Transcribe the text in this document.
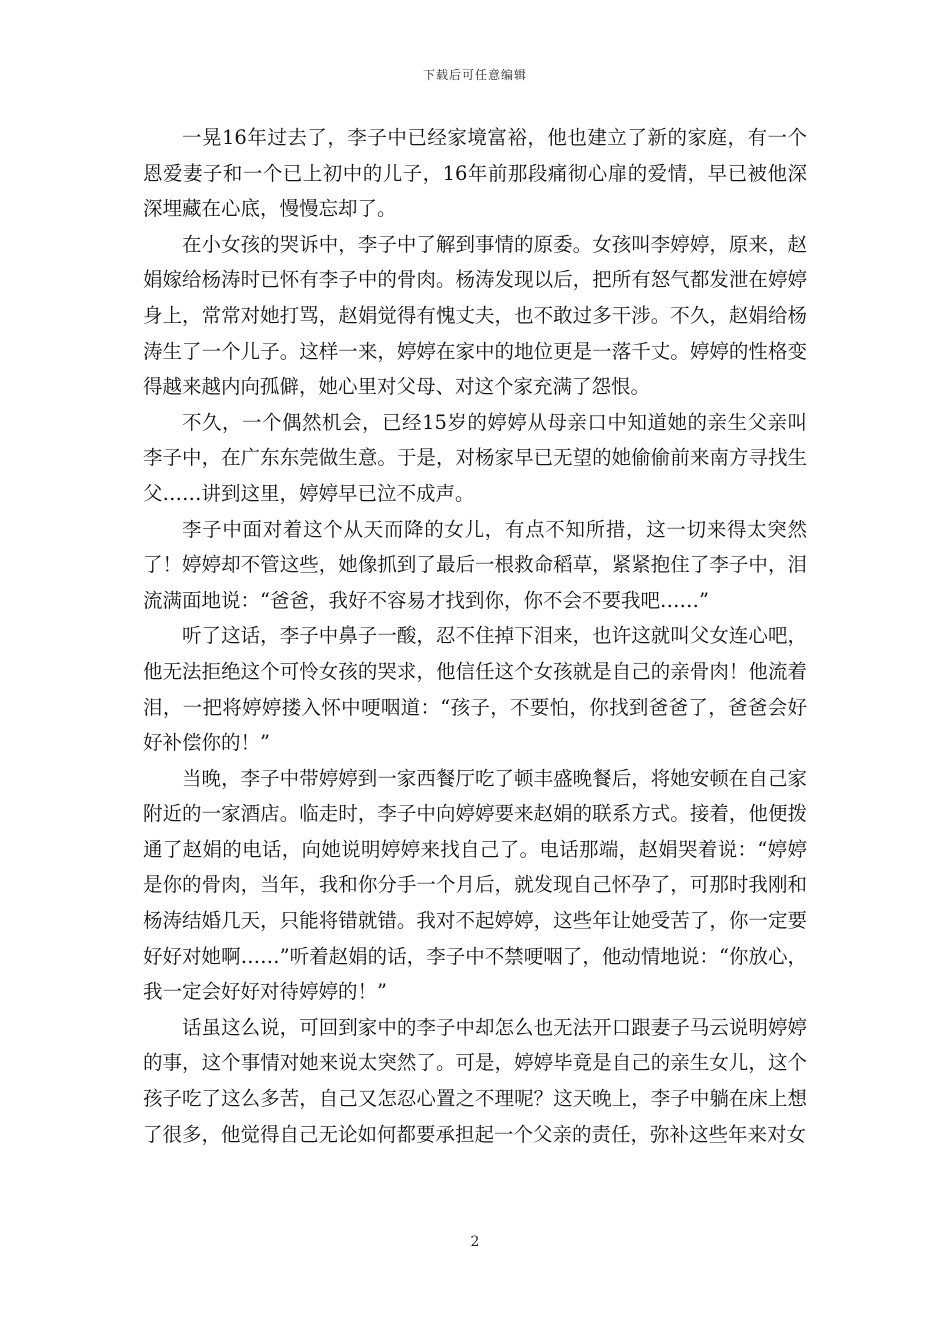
下载后可任意编辑

一晃16年过去了，李子中已经家境富裕，他也建立了新的家庭，有一个恩爱妻子和一个已上初中的儿子，16年前那段痛彻心扉的爱情，早已被他深深埋藏在心底，慢慢忘却了。

在小女孩的哭诉中，李子中了解到事情的原委。女孩叫李婷婷，原来，赵娟嫁给杨涛时已怀有李子中的骨肉。杨涛发现以后，把所有怒气都发泄在婷婷身上，常常对她打骂，赵娟觉得有愧丈夫，也不敢过多干涉。不久，赵娟给杨涛生了一个儿子。这样一来，婷婷在家中的地位更是一落千丈。婷婷的性格变得越来越内向孤僻，她心里对父母、对这个家充满了怨恨。

不久，一个偶然机会，已经15岁的婷婷从母亲口中知道她的亲生父亲叫李子中，在广东东莞做生意。于是，对杨家早已无望的她偷偷前来南方寻找生父……讲到这里，婷婷早已泣不成声。

李子中面对着这个从天而降的女儿，有点不知所措，这一切来得太突然了！婷婷却不管这些，她像抓到了最后一根救命稻草，紧紧抱住了李子中，泪流满面地说：“爸爸，我好不容易才找到你，你不会不要我吧……”

听了这话，李子中鼻子一酸，忍不住掉下泪来，也许这就叫父女连心吧，他无法拒绝这个可怜女孩的哭求，他信任这个女孩就是自己的亲骨肉！他流着泪，一把将婷婷搂入怀中哽咽道：“孩子，不要怕，你找到爸爸了，爸爸会好好补偿你的！”

当晚，李子中带婷婷到一家西餐厅吃了顿丰盛晚餐后，将她安顿在自己家附近的一家酒店。临走时，李子中向婷婷要来赵娟的联系方式。接着，他便拨通了赵娟的电话，向她说明婷婷来找自己了。电话那端，赵娟哭着说：“婷婷是你的骨肉，当年，我和你分手一个月后，就发现自己怀孕了，可那时我刚和杨涛结婚几天，只能将错就错。我对不起婷婷，这些年让她受苦了，你一定要好好对她啊……”听着赵娟的话，李子中不禁哽咽了，他动情地说：“你放心，我一定会好好对待婷婷的！”

话虽这么说，可回到家中的李子中却怎么也无法开口跟妻子马云说明婷婷的事，这个事情对她来说太突然了。可是，婷婷毕竟是自己的亲生女儿，这个孩子吃了这么多苦，自己又怎忍心置之不理呢？这天晚上，李子中躺在床上想了很多，他觉得自己无论如何都要承担起一个父亲的责任，弥补这些年来对女

2
